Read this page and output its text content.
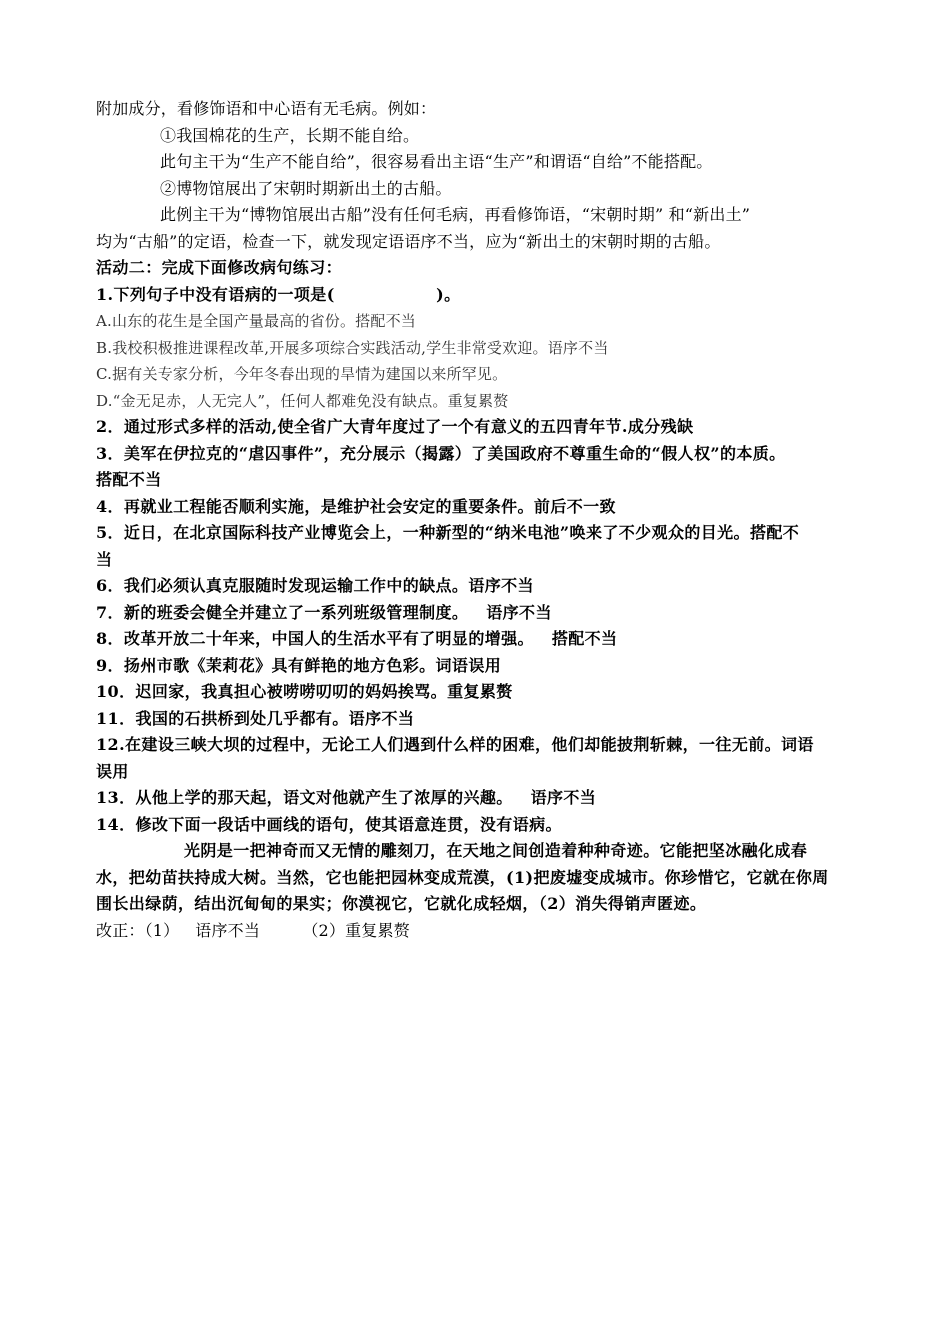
附加成分，看修饰语和中心语有无毛病。例如：
①我国棉花的生产，长期不能自给。
此句主干为“生产不能自给”，很容易看出主语“生产”和谓语“自给”不能搭配。
②博物馆展出了宋朝时期新出土的古船。
此例主干为“博物馆展出古船”没有任何毛病，再看修饰语，“宋朝时期” 和“新出土”
均为“古船”的定语，检查一下，就发现定语语序不当，应为“新出土的宋朝时期的古船。
活动二：完成下面修改病句练习：
1.下列句子中没有语病的一项是(                 )。
A.山东的花生是全国产量最高的省份。搭配不当
B.我校积极推进课程改革,开展多项综合实践活动,学生非常受欢迎。语序不当
C.据有关专家分析，今年冬春出现的旱情为建国以来所罕见。
D.“金无足赤，人无完人”，任何人都难免没有缺点。重复累赘
2．通过形式多样的活动,使全省广大青年度过了一个有意义的五四青年节.成分残缺
3．美军在伊拉克的“虐囚事件”，充分展示（揭露）了美国政府不尊重生命的“假人权”的本质。
搭配不当
4．再就业工程能否顺利实施，是维护社会安定的重要条件。前后不一致
5．近日，在北京国际科技产业博览会上，一种新型的“纳米电池”唤来了不少观众的目光。搭配不
当
6．我们必须认真克服随时发现运输工作中的缺点。语序不当
7．新的班委会健全并建立了一系列班级管理制度。   语序不当
8．改革开放二十年来，中国人的生活水平有了明显的增强。   搭配不当
9．扬州市歌《茉莉花》具有鲜艳的地方色彩。词语误用
10．迟回家，我真担心被唠唠叨叨的妈妈挨骂。重复累赘
11．我国的石拱桥到处几乎都有。语序不当
12.在建设三峡大坝的过程中，无论工人们遇到什么样的困难，他们却能披荆斩棘，一往无前。词语
误用
13．从他上学的那天起，语文对他就产生了浓厚的兴趣。   语序不当
14．修改下面一段话中画线的语句，使其语意连贯，没有语病。
光阴是一把神奇而又无情的雕刻刀，在天地之间创造着种种奇迹。它能把坚冰融化成春
水，把幼苗扶持成大树。当然，它也能把园林变成荒漠，(1)把废墟变成城市。你珍惜它，它就在你周
围长出绿荫，结出沉甸甸的果实；你漠视它，它就化成轻烟，（2）消失得销声匿迹。
改正：（1）   语序不当        （2）重复累赘
